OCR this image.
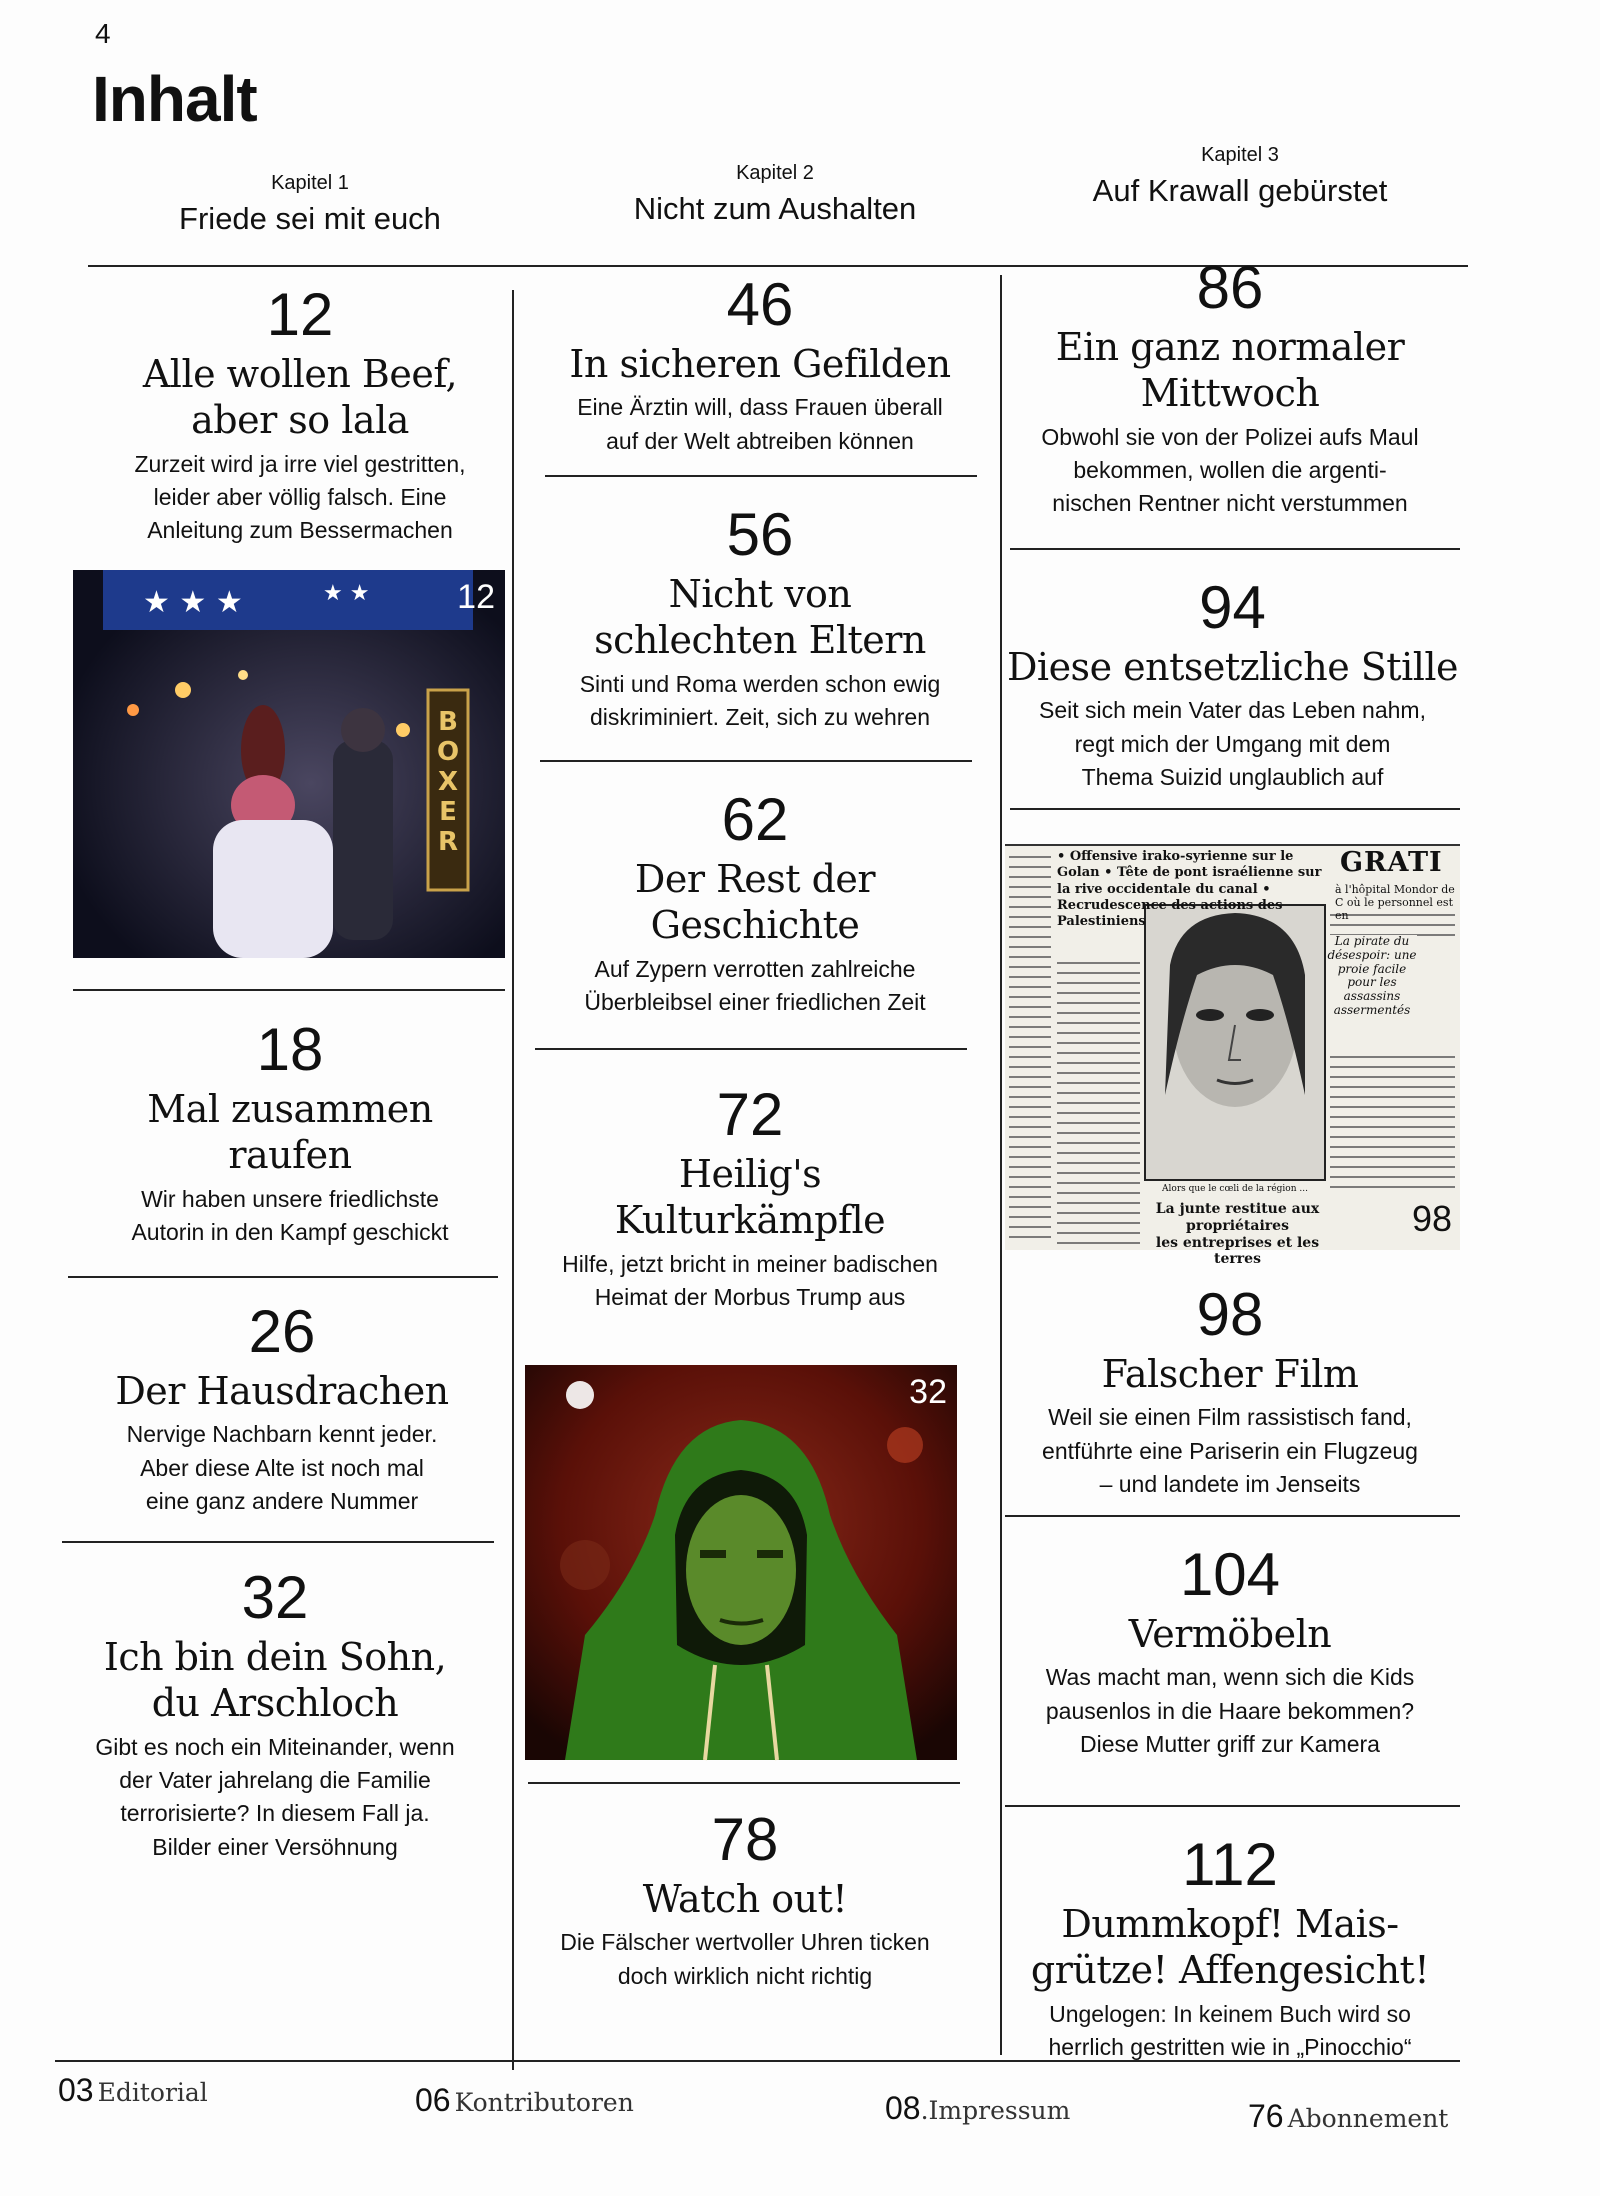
4
Inhalt
Kapitel 1
Friede sei mit euch
Kapitel 2
Nicht zum Aushalten
Kapitel 3
Auf Krawall gebürstet
12
Alle wollen Beef,
aber so lala
Zurzeit wird ja irre viel gestritten,
leider aber völlig falsch. Eine
Anleitung zum Bessermachen
★ ★ ★	★ ★
B
O
X
E
R
12
18
Mal zusammen
raufen
Wir haben unsere friedlichste
Autorin in den Kampf geschickt
26
Der Hausdrachen
Nervige Nachbarn kennt jeder.
Aber diese Alte ist noch mal
eine ganz andere Nummer
32
Ich bin dein Sohn,
du Arschloch
Gibt es noch ein Miteinander, wenn
der Vater jahrelang die Familie
terrorisierte? In diesem Fall ja.
Bilder einer Versöhnung
46
In sicheren Gefilden
Eine Ärztin will, dass Frauen überall
auf der Welt abtreiben können
56
Nicht von
schlechten Eltern
Sinti und Roma werden schon ewig
diskriminiert. Zeit, sich zu wehren
62
Der Rest der
Geschichte
Auf Zypern verrotten zahlreiche
Überbleibsel einer friedlichen Zeit
72
Heilig's
Kulturkämpfle
Hilfe, jetzt bricht in meiner badischen
Heimat der Morbus Trump aus
32
78
Watch out!
Die Fälscher wertvoller Uhren ticken
doch wirklich nicht richtig
86
Ein ganz normaler
Mittwoch
Obwohl sie von der Polizei aufs Maul
bekommen, wollen die argenti-
nischen Rentner nicht verstummen
94
Diese entsetzliche Stille
Seit sich mein Vater das Leben nahm,
regt mich der Umgang mit dem
Thema Suizid unglaublich auf
• Offensive irako-syrienne sur le Golan • Tête de pont israélienne sur la rive occidentale du canal • Recrudescence des actions des Palestiniens
GRATI
à l'hôpital Mondor de C où le personnel est en
La pirate du désespoir: une proie facile pour les assassins assermentés
Alors que le cœli de la région ...
La junte restitue aux propriétaires
les entreprises et les terres
98
98
Falscher Film
Weil sie einen Film rassistisch fand,
entführte eine Pariserin ein Flugzeug
– und landete im Jenseits
104
Vermöbeln
Was macht man, wenn sich die Kids
pausenlos in die Haare bekommen?
Diese Mutter griff zur Kamera
112
Dummkopf! Mais-
grütze! Affengesicht!
Ungelogen: In keinem Buch wird so
herrlich gestritten wie in „Pinocchio“
03 Editorial	06 Kontributoren	08.Impressum	76 Abonnement
